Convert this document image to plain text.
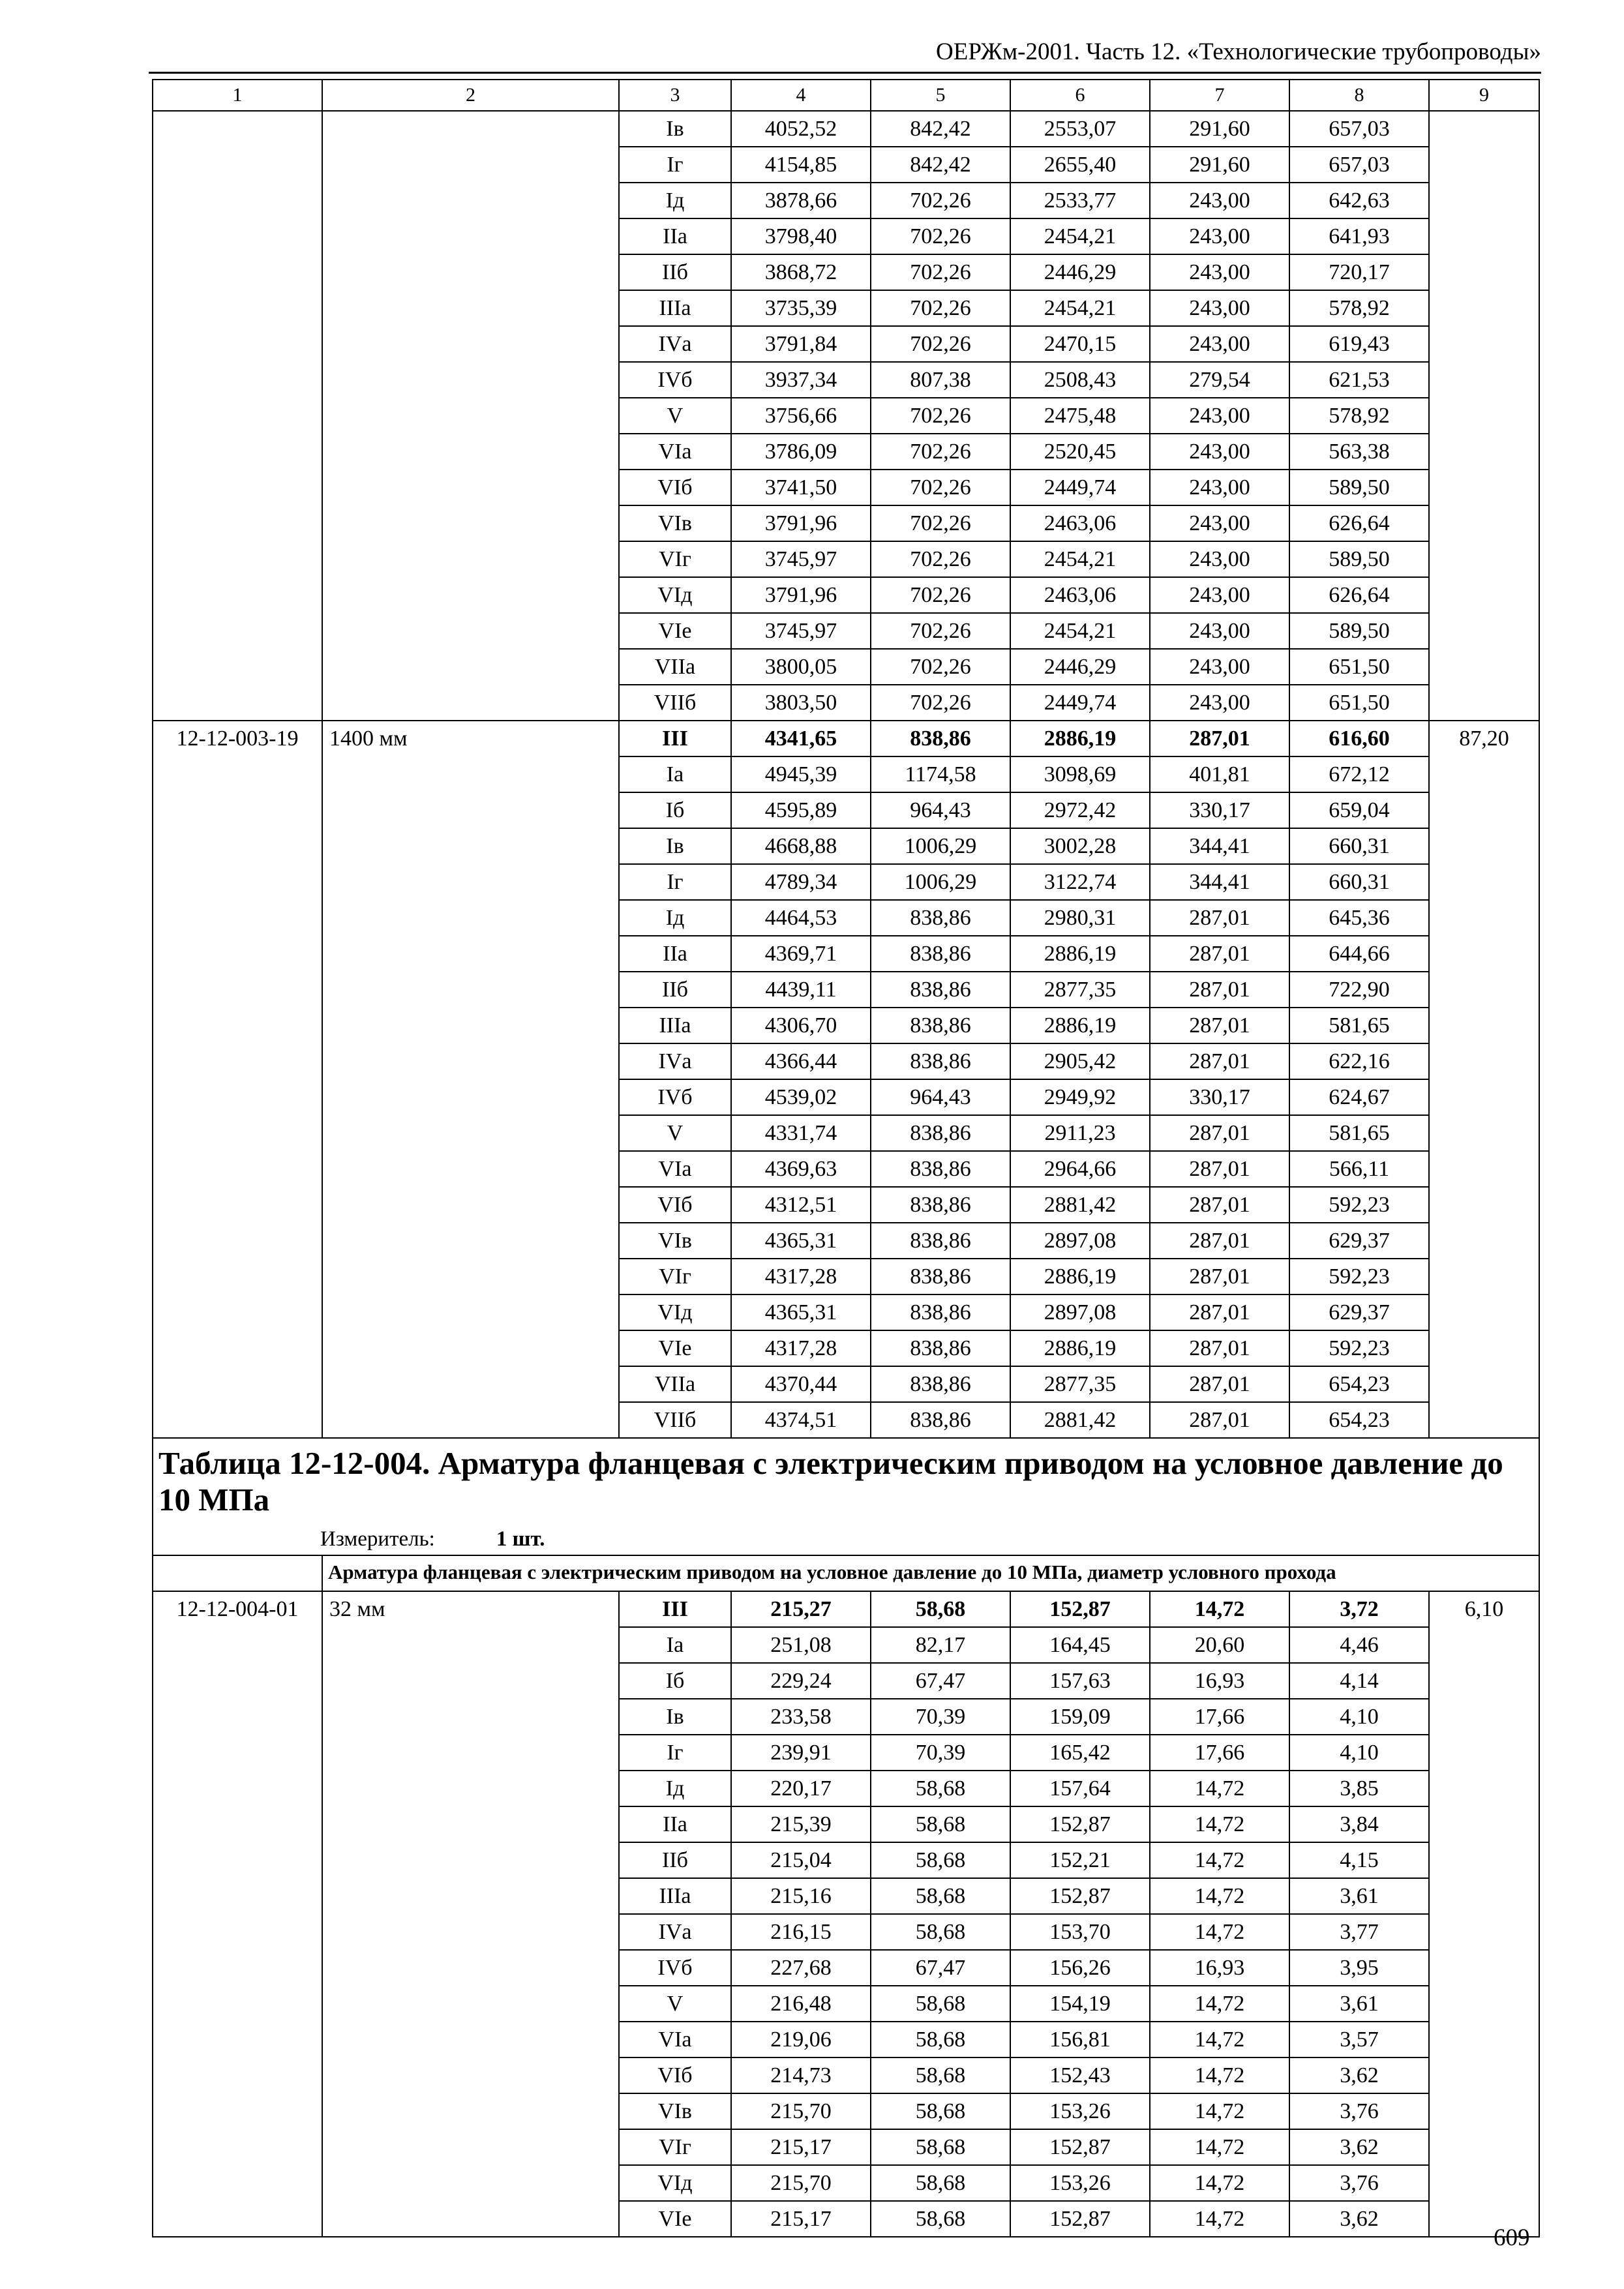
ОЕРЖм-2001. Часть 12. «Технологические трубопроводы»
1	2	3	4	5	6	7	8	9
		Iв	4052,52	842,42	2553,07	291,60	657,03	
		Iг	4154,85	842,42	2655,40	291,60	657,03	
		Iд	3878,66	702,26	2533,77	243,00	642,63	
		IIа	3798,40	702,26	2454,21	243,00	641,93	
		IIб	3868,72	702,26	2446,29	243,00	720,17	
		IIIа	3735,39	702,26	2454,21	243,00	578,92	
		IVа	3791,84	702,26	2470,15	243,00	619,43	
		IVб	3937,34	807,38	2508,43	279,54	621,53	
		V	3756,66	702,26	2475,48	243,00	578,92	
		VIа	3786,09	702,26	2520,45	243,00	563,38	
		VIб	3741,50	702,26	2449,74	243,00	589,50	
		VIв	3791,96	702,26	2463,06	243,00	626,64	
		VIг	3745,97	702,26	2454,21	243,00	589,50	
		VIд	3791,96	702,26	2463,06	243,00	626,64	
		VIе	3745,97	702,26	2454,21	243,00	589,50	
		VIIа	3800,05	702,26	2446,29	243,00	651,50	
		VIIб	3803,50	702,26	2449,74	243,00	651,50	
12-12-003-19	1400 мм	III	4341,65	838,86	2886,19	287,01	616,60	87,20
		Iа	4945,39	1174,58	3098,69	401,81	672,12	
		Iб	4595,89	964,43	2972,42	330,17	659,04	
		Iв	4668,88	1006,29	3002,28	344,41	660,31	
		Iг	4789,34	1006,29	3122,74	344,41	660,31	
		Iд	4464,53	838,86	2980,31	287,01	645,36	
		IIа	4369,71	838,86	2886,19	287,01	644,66	
		IIб	4439,11	838,86	2877,35	287,01	722,90	
		IIIа	4306,70	838,86	2886,19	287,01	581,65	
		IVа	4366,44	838,86	2905,42	287,01	622,16	
		IVб	4539,02	964,43	2949,92	330,17	624,67	
		V	4331,74	838,86	2911,23	287,01	581,65	
		VIа	4369,63	838,86	2964,66	287,01	566,11	
		VIб	4312,51	838,86	2881,42	287,01	592,23	
		VIв	4365,31	838,86	2897,08	287,01	629,37	
		VIг	4317,28	838,86	2886,19	287,01	592,23	
		VIд	4365,31	838,86	2897,08	287,01	629,37	
		VIе	4317,28	838,86	2886,19	287,01	592,23	
		VIIа	4370,44	838,86	2877,35	287,01	654,23	
		VIIб	4374,51	838,86	2881,42	287,01	654,23	

Таблица 12-12-004. Арматура фланцевая с электрическим приводом на условное давление до 10 МПа
Измеритель: 1 шт.								

	Арматура фланцевая с электрическим приводом на условное давление до 10 МПа, диаметр условного прохода							
12-12-004-01	32 мм	III	215,27	58,68	152,87	14,72	3,72	6,10
		Iа	251,08	82,17	164,45	20,60	4,46	
		Iб	229,24	67,47	157,63	16,93	4,14	
		Iв	233,58	70,39	159,09	17,66	4,10	
		Iг	239,91	70,39	165,42	17,66	4,10	
		Iд	220,17	58,68	157,64	14,72	3,85	
		IIа	215,39	58,68	152,87	14,72	3,84	
		IIб	215,04	58,68	152,21	14,72	4,15	
		IIIа	215,16	58,68	152,87	14,72	3,61	
		IVа	216,15	58,68	153,70	14,72	3,77	
		IVб	227,68	67,47	156,26	16,93	3,95	
		V	216,48	58,68	154,19	14,72	3,61	
		VIа	219,06	58,68	156,81	14,72	3,57	
		VIб	214,73	58,68	152,43	14,72	3,62	
		VIв	215,70	58,68	153,26	14,72	3,76	
		VIг	215,17	58,68	152,87	14,72	3,62	
		VIд	215,70	58,68	153,26	14,72	3,76	
		VIе	215,17	58,68	152,87	14,72	3,62	
609
